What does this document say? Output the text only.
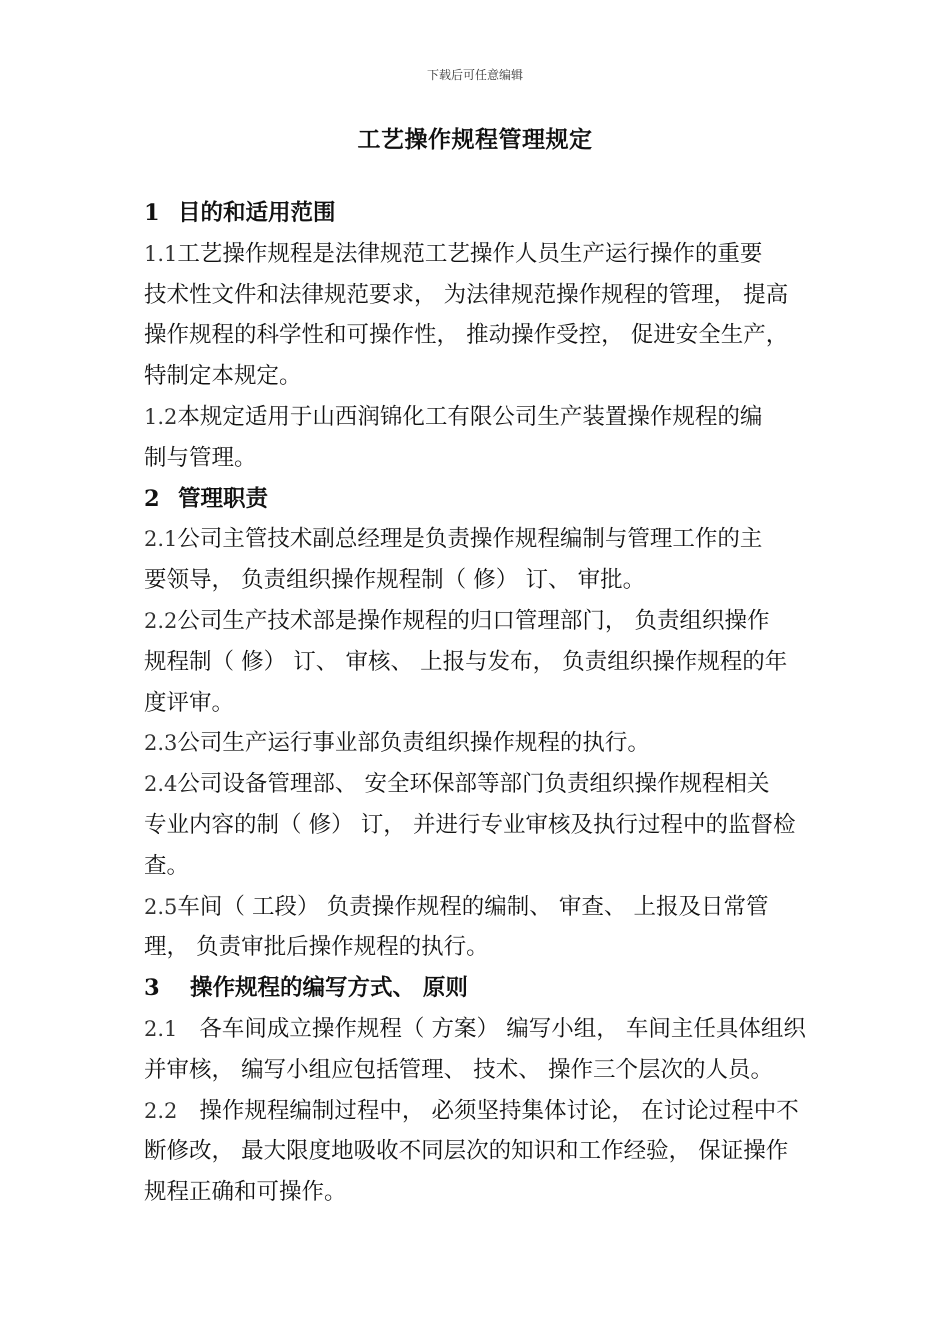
下载后可任意编辑
工艺操作规程管理规定
1 目的和适用范围
1.1工艺操作规程是法律规范工艺操作人员生产运行操作的重要
技术性文件和法律规范要求， 为法律规范操作规程的管理， 提高
操作规程的科学性和可操作性， 推动操作受控， 促进安全生产，
特制定本规定。
1.2本规定适用于山西润锦化工有限公司生产装置操作规程的编
制与管理。
2 管理职责
2.1公司主管技术副总经理是负责操作规程编制与管理工作的主
要领导， 负责组织操作规程制（ 修） 订、 审批。
2.2公司生产技术部是操作规程的归口管理部门， 负责组织操作
规程制（ 修） 订、 审核、 上报与发布， 负责组织操作规程的年
度评审。
2.3公司生产运行事业部负责组织操作规程的执行。
2.4公司设备管理部、 安全环保部等部门负责组织操作规程相关
专业内容的制（ 修） 订， 并进行专业审核及执行过程中的监督检
查。
2.5车间（ 工段） 负责操作规程的编制、 审查、 上报及日常管
理， 负责审批后操作规程的执行。
3 操作规程的编写方式、 原则
2.1 各车间成立操作规程（ 方案） 编写小组， 车间主任具体组织
并审核， 编写小组应包括管理、 技术、 操作三个层次的人员。
2.2 操作规程编制过程中， 必须坚持集体讨论， 在讨论过程中不
断修改， 最大限度地吸收不同层次的知识和工作经验， 保证操作
规程正确和可操作。
